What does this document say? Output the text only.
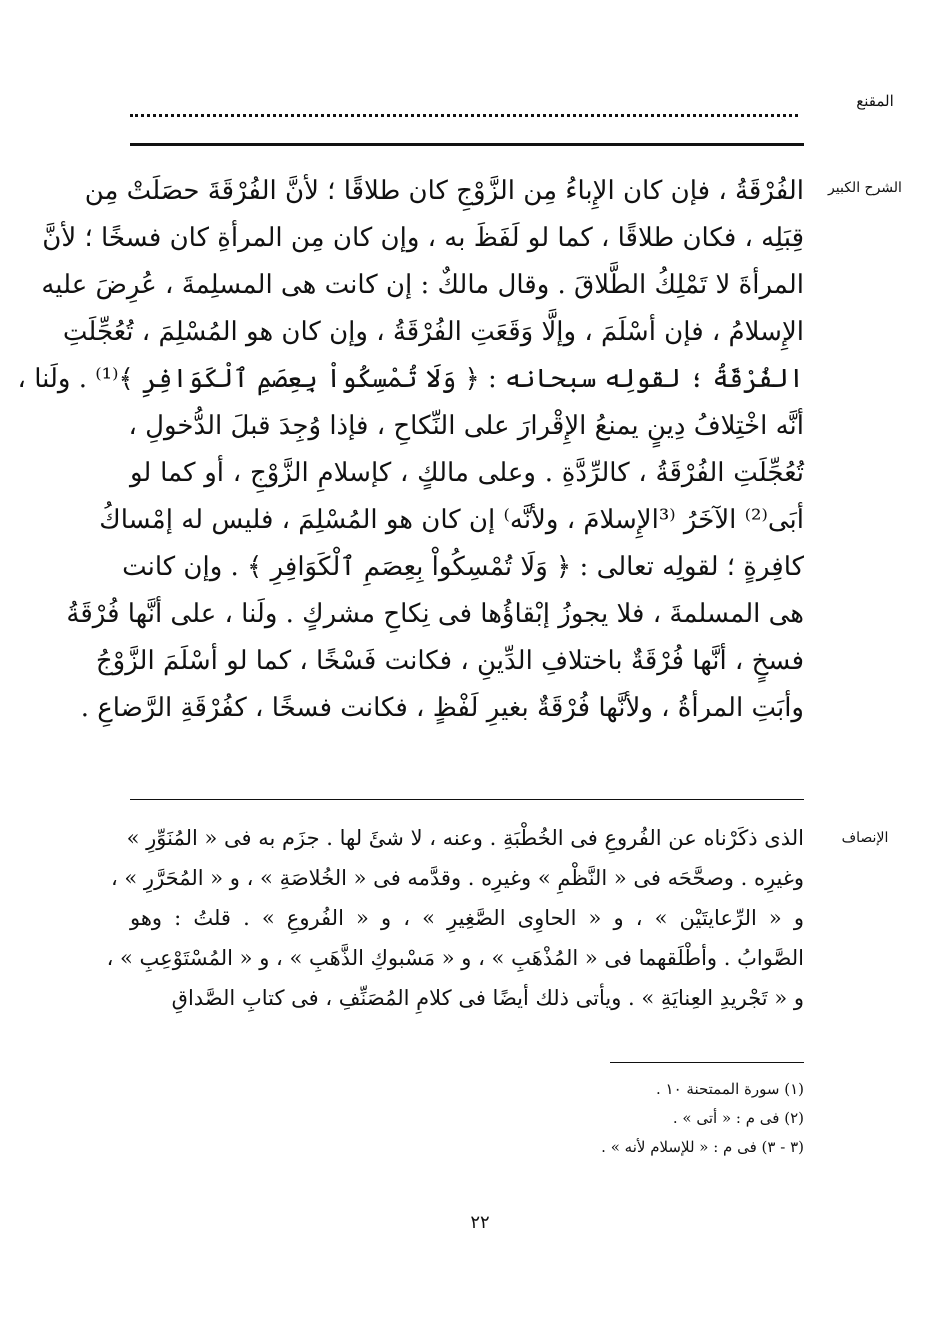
المقنع
الشرح الكبير
الفُرْقَةُ ، فإن كان الإِباءُ مِن الزَّوْجِ كان طلاقًا ؛ لأنَّ الفُرْقَةَ حصَلَتْ مِن
قِبَلِه ، فكان طلاقًا ، كما لو لَفَظَ به ، وإن كان مِن المرأةِ كان فسخًا ؛ لأنَّ
المرأةَ لا تَمْلِكُ الطَّلاقَ . وقال مالكٌ : إن كانت هى المسلِمةَ ، عُرِضَ عليه
الإِسلامُ ، فإن أسْلَمَ ، وإلَّا وَقَعَتِ الفُرْقَةُ ، وإن كان هو المُسْلِمَ ، تُعُجِّلَتِ
الفُرْقَةُ ؛ لقولِه سبحانه : ﴿ وَلَا تُمْسِكُواْ بِعِصَمِ ٱلْكَوَافِرِ ﴾⁽¹⁾ . ولَنا ،
أنَّه اخْتِلافُ دِينٍ يمنعُ الإِقْرارَ على النِّكاحِ ، فإذا وُجِدَ قبلَ الدُّخولِ ،
تُعُجِّلَتِ الفُرْقَةُ ، كالرِّدَّةِ . وعلى مالكٍ ، كإسلامِ الزَّوْجِ ، أو كما لو
أبَى⁽²⁾ الآخَرُ ⁽³الإِسلامَ ، ولأنَّه⁾ إن كان هو المُسْلِمَ ، فليس له إمْساكُ
كافِرةٍ ؛ لقولِه تعالى : ﴿ وَلَا تُمْسِكُواْ بِعِصَمِ ٱلْكَوَافِرِ ﴾ . وإن كانت
هى المسلمةَ ، فلا يجوزُ إبْقاؤُها فى نِكاحِ مشركٍ . ولَنا ، على أنَّها فُرْقَةُ
فسخٍ ، أنَّها فُرْقَةٌ باختلافِ الدِّينِ ، فكانت فَسْخًا ، كما لو أسْلَمَ الزَّوْجُ
وأبَتِ المرأةُ ، ولأنَّها فُرْقَةٌ بغيرِ لَفْظٍ ، فكانت فسخًا ، كفُرْقَةِ الرَّضاعِ .
الإنصاف
الذى ذكَرْناه عن الفُروعِ فى الخُطْبَةِ . وعنه ، لا شئَ لها . جزَم به فى « المُنَوِّرِ »
وغيرِه . وصحَّحَه فى « النَّظْمِ » وغيرِه . وقدَّمه فى « الخُلاصَةِ » ، و « المُحَرَّرِ » ،
و « الرِّعايتَيْن » ، و « الحاوِى الصَّغِيرِ » ، و « الفُروعِ » . قلتُ : وهو
الصَّوابُ . وأطْلَقهما فى « المُذْهَبِ » ، و « مَسْبوكِ الذَّهَبِ » ، و « المُسْتَوْعِبِ » ،
و « تَجْريدِ العِنايَةِ » . ويأتى ذلك أيضًا فى كلامِ المُصَنِّفِ ، فى كتابِ الصَّداقِ
(١) سورة الممتحنة ١٠ .
(٢) فى م : « أتى » .
(٣ - ٣) فى م : « للإسلام لأنه » .
٢٢
